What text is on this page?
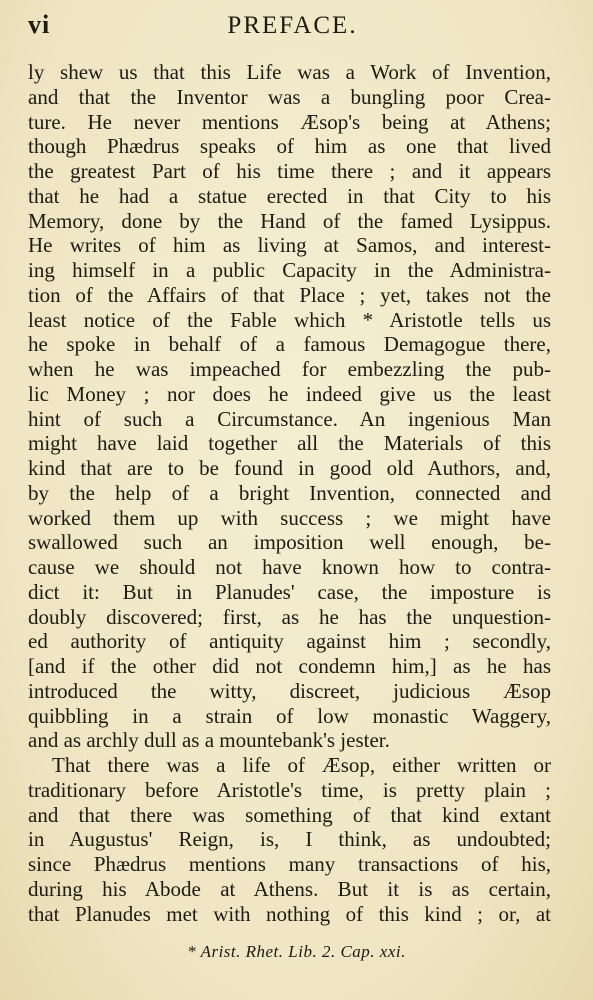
vi	PREFACE.
ly shew us that this Life was a Work of Invention,
and that the Inventor was a bungling poor Crea-
ture. He never mentions Æsop's being at Athens;
though Phædrus speaks of him as one that lived
the greatest Part of his time there ; and it appears
that he had a statue erected in that City to his
Memory, done by the Hand of the famed Lysippus.
He writes of him as living at Samos, and interest-
ing himself in a public Capacity in the Administra-
tion of the Affairs of that Place ; yet, takes not the
least notice of the Fable which * Aristotle tells us
he spoke in behalf of a famous Demagogue there,
when he was impeached for embezzling the pub-
lic Money ; nor does he indeed give us the least
hint of such a Circumstance. An ingenious Man
might have laid together all the Materials of this
kind that are to be found in good old Authors, and,
by the help of a bright Invention, connected and
worked them up with success ; we might have
swallowed such an imposition well enough, be-
cause we should not have known how to contra-
dict it: But in Planudes' case, the imposture is
doubly discovered; first, as he has the unquestion-
ed authority of antiquity against him ; secondly,
[and if the other did not condemn him,] as he has
introduced the witty, discreet, judicious Æsop
quibbling in a strain of low monastic Waggery,
and as archly dull as a mountebank's jester.
That there was a life of Æsop, either written or
traditionary before Aristotle's time, is pretty plain ;
and that there was something of that kind extant
in Augustus' Reign, is, I think, as undoubted;
since Phædrus mentions many transactions of his,
during his Abode at Athens. But it is as certain,
that Planudes met with nothing of this kind ; or, at
* Arist. Rhet. Lib. 2. Cap. xxi.
